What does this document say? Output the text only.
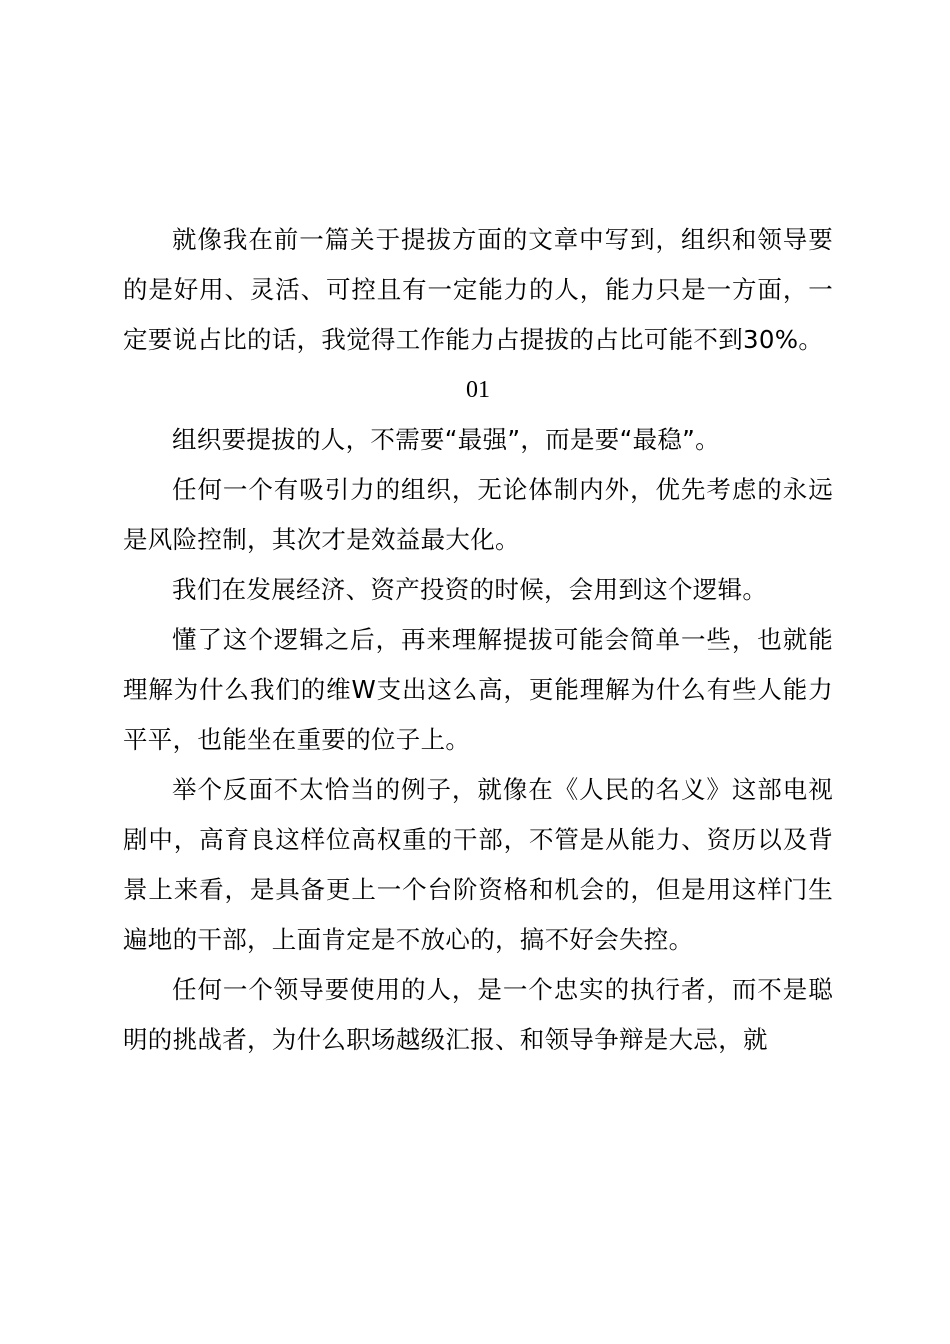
就像我在前一篇关于提拔方面的文章中写到，组织和领导要的是好用、灵活、可控且有一定能力的人，能力只是一方面，一定要说占比的话，我觉得工作能力占提拔的占比可能不到30%。

01

组织要提拔的人，不需要“最强”，而是要“最稳”。

任何一个有吸引力的组织，无论体制内外，优先考虑的永远是风险控制，其次才是效益最大化。

我们在发展经济、资产投资的时候，会用到这个逻辑。

懂了这个逻辑之后，再来理解提拔可能会简单一些，也就能理解为什么我们的维W支出这么高，更能理解为什么有些人能力平平，也能坐在重要的位子上。

举个反面不太恰当的例子，就像在《人民的名义》这部电视剧中，高育良这样位高权重的干部，不管是从能力、资历以及背景上来看，是具备更上一个台阶资格和机会的，但是用这样门生遍地的干部，上面肯定是不放心的，搞不好会失控。

任何一个领导要使用的人，是一个忠实的执行者，而不是聪明的挑战者，为什么职场越级汇报、和领导争辩是大忌，就
